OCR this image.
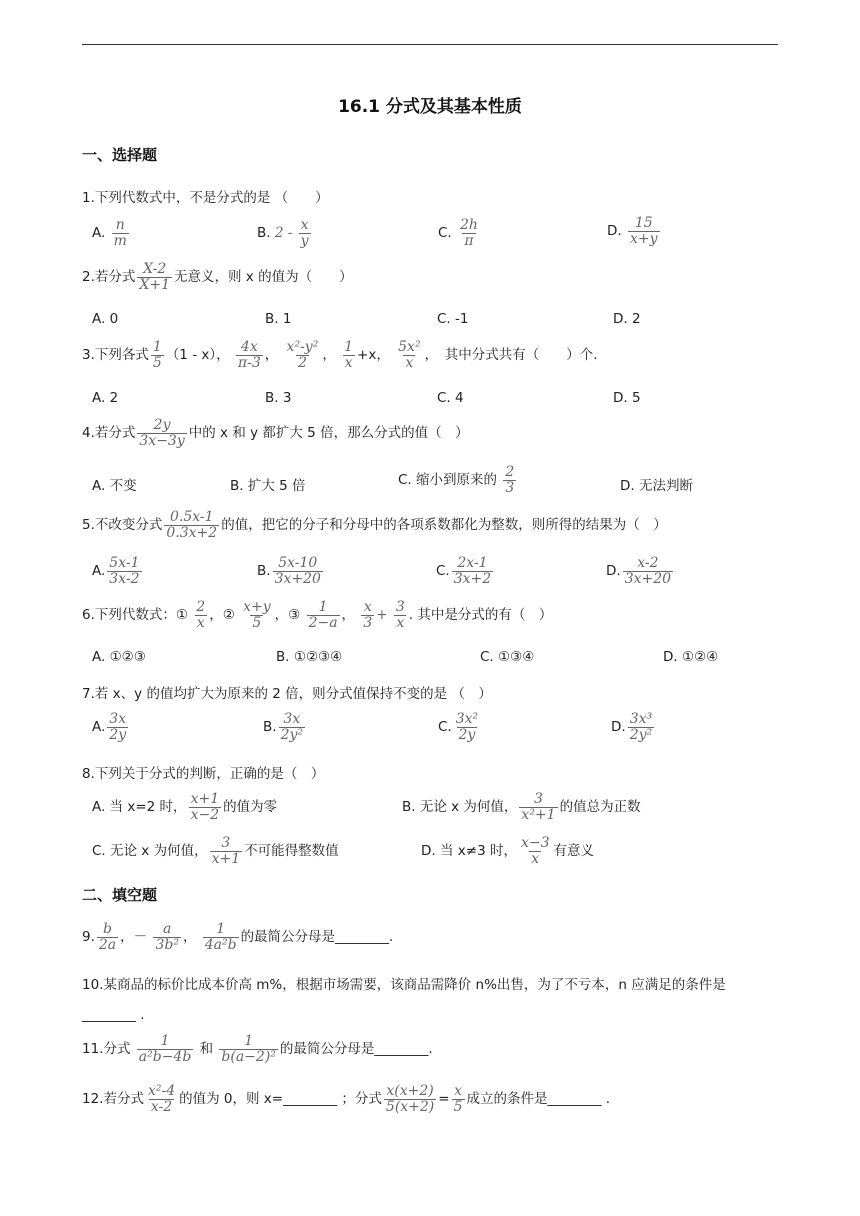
16.1 分式及其基本性质
一、选择题
1.下列代数式中，不是分式的是 （　　）
A. $\frac{n}{m}$	B. $2 - \frac{x}{y}$	C. $\frac{2h}{\pi}$	D. $\frac{15}{x+y}$
2.若分式 $\frac{X-2}{X+1}$ 无意义，则 x 的值为（　　）
A. 0	B. 1	C. -1	D. 2
3.下列各式 $\frac{1}{5} (1 - x)$， $\frac{4x}{\pi-3}$ ， $\frac{\text{x²-y²}}{2}$ ， $\frac{1}{x} +x$， $\frac{\text{5x²}}{x}$ ，　其中分式共有（　　）个.
A. 2	B. 3	C. 4	D. 5
4.若分式 $\frac{2y}{3x-3y}$ 中的 x 和 y 都扩大 5 倍，那么分式的值（　）
A. 不变	B. 扩大 5 倍	C. 缩小到原来的 $\frac{2}{3}$	D. 无法判断
5.不改变分式 $\frac{0.5x-1}{0.3x+2}$ 的值，把它的分子和分母中的各项系数都化为整数，则所得的结果为（　）
A. $\frac{5x-1}{3x-2}$	B. $\frac{5x-10}{3x+20}$	C. $\frac{2x-1}{3x+2}$	D. $\frac{x-2}{3x+20}$
6.下列代数式：① $\frac{2}{x}$ ，② $\frac{x+y}{5}$ ，③ $\frac{1}{2-a}$ ， $\frac{x}{3} + \frac{3}{x}$ . 其中是分式的有（　）
A. ①②③	B. ①②③④	C. ①③④	D. ①②④
7.若 x、y 的值均扩大为原来的 2 倍，则分式值保持不变的是 （　）
A. $\frac{3x}{2y}$	B. $\frac{3x}{\text{2y²}}$	C. $\frac{\text{3x²}}{2y}$	D. $\frac{\text{3x³}}{\text{2y²}}$
8.下列关于分式的判断，正确的是（　）
A. 当 x=2 时， $\frac{x+1}{x-2}$ 的值为零	B. 无论 x 为何值， $\frac{3}{\text{x²+1}}$ 的值总为正数
C. 无论 x 为何值， $\frac{3}{x+1}$ 不可能得整数值	D. 当 x≠3 时， $\frac{x-3}{x}$ 有意义
二、填空题
9. $\frac{b}{2a}$ ，－ $\frac{a}{\text{3b²}}$ ， $\frac{1}{\text{4a²b}}$ 的最简公分母是________.
10.某商品的标价比成本价高 m%，根据市场需要，该商品需降价 n%出售，为了不亏本，n 应满足的条件是
________ .
11.分式 $\frac{1}{\text{a²b−4b}}$ 和 $\frac{1}{\text{b(a−2)²}}$ 的最简公分母是________.
12.若分式 $\frac{\text{x²-4}}{x-2}$ 的值为 0，则 x=________ ；分式 $\frac{x(x+2)}{5(x+2)} = \frac{x}{5}$ 成立的条件是________ .
